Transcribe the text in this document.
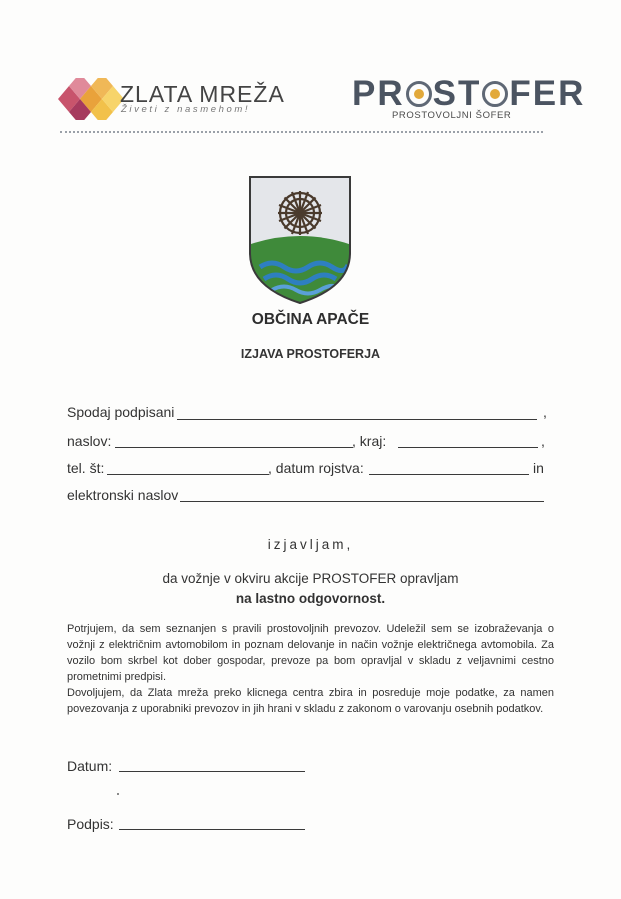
ZLATA MREŽA
Živeti z nasmehom!	PR ST FER
PROSTOVOLJNI ŠOFER
OBČINA APAČE
IZJAVA PROSTOFERJA
Spodaj podpisani	,
naslov:	, kraj:	,
tel. št:	, datum rojstva:	in
elektronski naslov
izjavljam,
da vožnje v okviru akcije PROSTOFER opravljam
na lastno odgovornost.
Potrjujem, da sem seznanjen s pravili prostovoljnih prevozov. Udeležil sem se izobraževanja o vožnji z električnim avtomobilom in poznam delovanje in način vožnje električnega avtomobila. Za vozilo bom skrbel kot dober gospodar, prevoze pa bom opravljal v skladu z veljavnimi cestno prometnimi predpisi.
Dovoljujem, da Zlata mreža preko klicnega centra zbira in posreduje moje podatke, za namen povezovanja z uporabniki prevozov in jih hrani v skladu z zakonom o varovanju osebnih podatkov.
Datum:
Podpis:
